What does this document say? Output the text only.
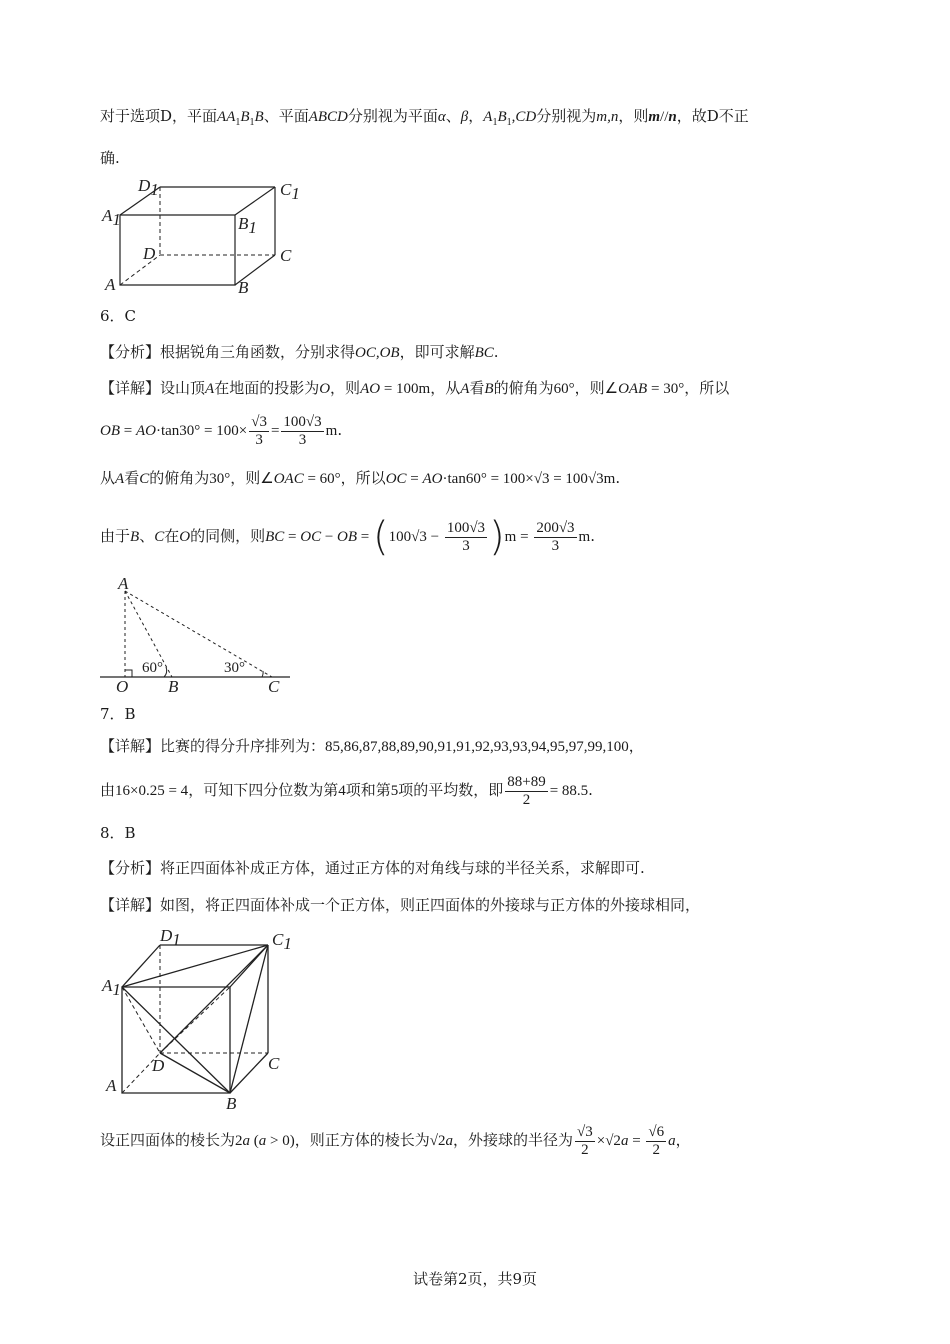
对于选项D，平面$AA_1B_1B$、平面ABCD分别视为平面α、β，$A_1B_1,CD$分别视为m,n，则m//n，故D不正
确.
D1	C1
A1	B1
D	C
A	B
6．C
【分析】根据锐角三角函数，分别求得OC,OB，即可求解BC.
【详解】设山顶A在地面的投影为O，则AO = 100m，从A看B的俯角为60°，则∠OAB = 30°，所以
OB = $AO\cdot\tan 30^\circ = 100\times \frac{√3}{3} = \frac{100√3}{3} m$.
从A看C的俯角为30°，则∠OAC = 60°，所以OC = AO·tan60° = 100×√3 = 100√3m.
由于B、C在O的同侧，则BC = OC − OB = $(100√3 - \frac{100√3}{3} )m = \frac{200√3}{3} m$.
A
O B	C
60°	30°
7．B
【详解】比赛的得分升序排列为：85,86,87,88,89,90,91,91,92,93,93,94,95,97,99,100，
由16×0.25 = 4，可知下四分位数为第4项和第5项的平均数，即 $\frac{88+89}{2} = 88.5$.
8．B
【分析】将正四面体补成正方体，通过正方体的对角线与球的半径关系，求解即可.
【详解】如图，将正四面体补成一个正方体，则正四面体的外接球与正方体的外接球相同，
D1	C1
A1
D	C
A
B
设正四面体的棱长为2a (a > 0)，则正方体的棱长为√2a，外接球的半径为 $\frac{√3}{2} \times√2a = \frac{√6}{2}$ a，
试卷第2页，共9页
